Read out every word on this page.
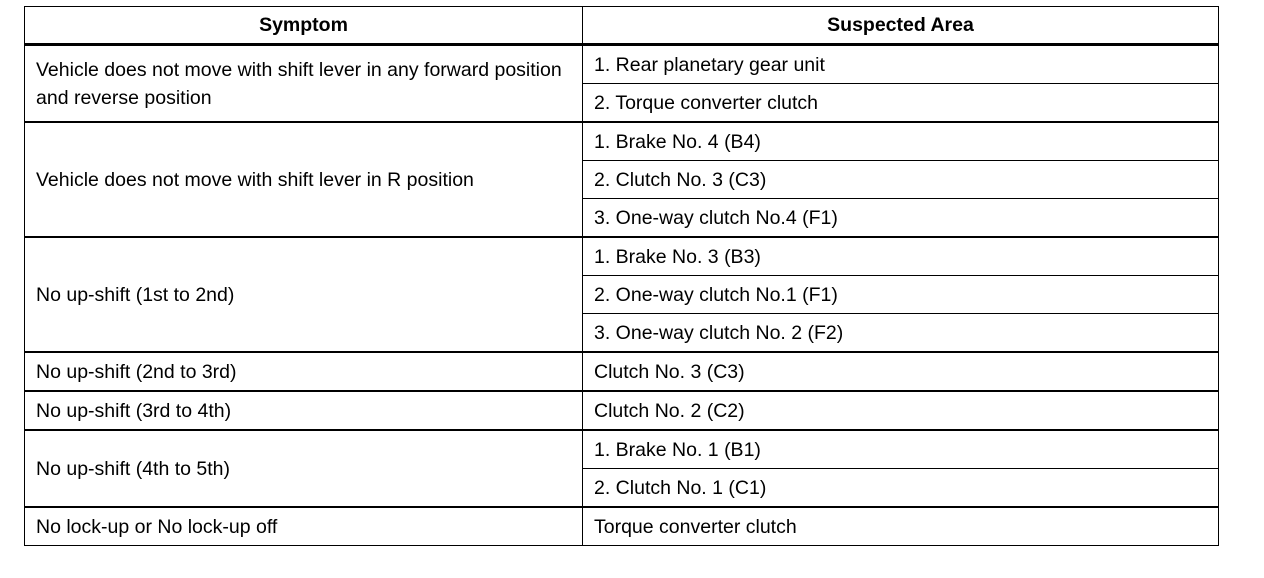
Symptom	Suspected Area
Vehicle does not move with shift lever in any forward position and reverse position	1. Rear planetary gear unit
	2. Torque converter clutch
Vehicle does not move with shift lever in R position	1. Brake No. 4 (B4)
	2. Clutch No. 3 (C3)
	3. One-way clutch No.4 (F1)
No up-shift (1st to 2nd)	1. Brake No. 3 (B3)
	2. One-way clutch No.1 (F1)
	3. One-way clutch No. 2 (F2)
No up-shift (2nd to 3rd)	Clutch No. 3 (C3)
No up-shift (3rd to 4th)	Clutch No. 2 (C2)
No up-shift (4th to 5th)	1. Brake No. 1 (B1)
	2. Clutch No. 1 (C1)
No lock-up or No lock-up off	Torque converter clutch
